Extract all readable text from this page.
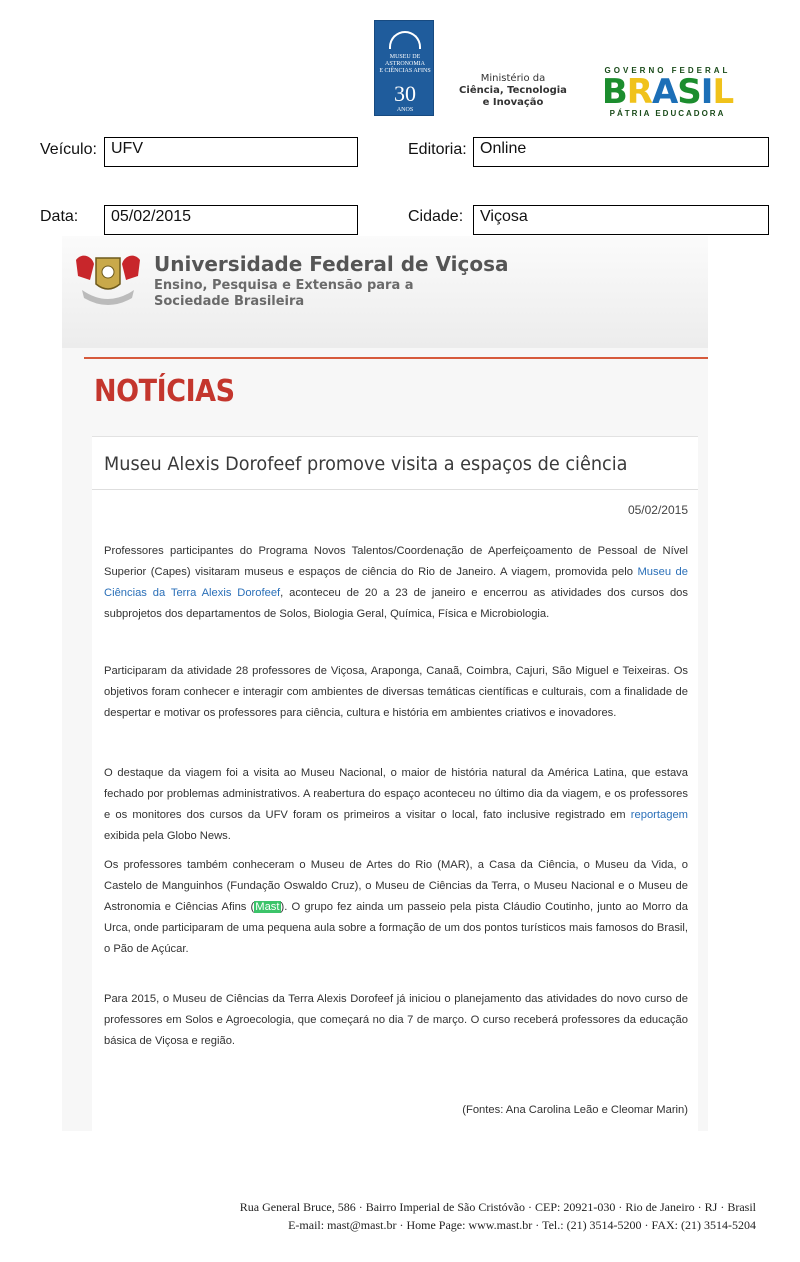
MUSEU DE
ASTRONOMIA
E CIÊNCIAS AFINS
30
ANOS
Ministério da
Ciência, Tecnologia
e Inovação
GOVERNO FEDERAL
BRASIL
PÁTRIA EDUCADORA
Veículo: UFV	Editoria: Online
Data:	05/02/2015	Cidade:	Viçosa
Universidade Federal de Viçosa
Ensino, Pesquisa e Extensão para a
Sociedade Brasileira
NOTÍCIAS
Museu Alexis Dorofeef promove visita a espaços de ciência
05/02/2015

Professores participantes do Programa Novos Talentos/Coordenação de Aperfeiçoamento de Pessoal de Nível Superior (Capes) visitaram museus e espaços de ciência do Rio de Janeiro. A viagem, promovida pelo Museu de Ciências da Terra Alexis Dorofeef, aconteceu de 20 a 23 de janeiro e encerrou as atividades dos cursos dos subprojetos dos departamentos de Solos, Biologia Geral, Química, Física e Microbiologia.

Participaram da atividade 28 professores de Viçosa, Araponga, Canaã, Coimbra, Cajuri, São Miguel e Teixeiras. Os objetivos foram conhecer e interagir com ambientes de diversas temáticas científicas e culturais, com a finalidade de despertar e motivar os professores para ciência, cultura e história em ambientes criativos e inovadores.

O destaque da viagem foi a visita ao Museu Nacional, o maior de história natural da América Latina, que estava fechado por problemas administrativos. A reabertura do espaço aconteceu no último dia da viagem, e os professores e os monitores dos cursos da UFV foram os primeiros a visitar o local, fato inclusive registrado em reportagem exibida pela Globo News.

Os professores também conheceram o Museu de Artes do Rio (MAR), a Casa da Ciência, o Museu da Vida, o Castelo de Manguinhos (Fundação Oswaldo Cruz), o Museu de Ciências da Terra, o Museu Nacional e o Museu de Astronomia e Ciências Afins (Mast). O grupo fez ainda um passeio pela pista Cláudio Coutinho, junto ao Morro da Urca, onde participaram de uma pequena aula sobre a formação de um dos pontos turísticos mais famosos do Brasil, o Pão de Açúcar.

Para 2015, o Museu de Ciências da Terra Alexis Dorofeef já iniciou o planejamento das atividades do novo curso de professores em Solos e Agroecologia, que começará no dia 7 de março. O curso receberá professores da educação básica de Viçosa e região.

(Fontes: Ana Carolina Leão e Cleomar Marin)
Rua General Bruce, 586 · Bairro Imperial de São Cristóvão · CEP: 20921-030 · Rio de Janeiro · RJ · Brasil
E-mail: mast@mast.br · Home Page: www.mast.br · Tel.: (21) 3514-5200 · FAX: (21) 3514-5204
